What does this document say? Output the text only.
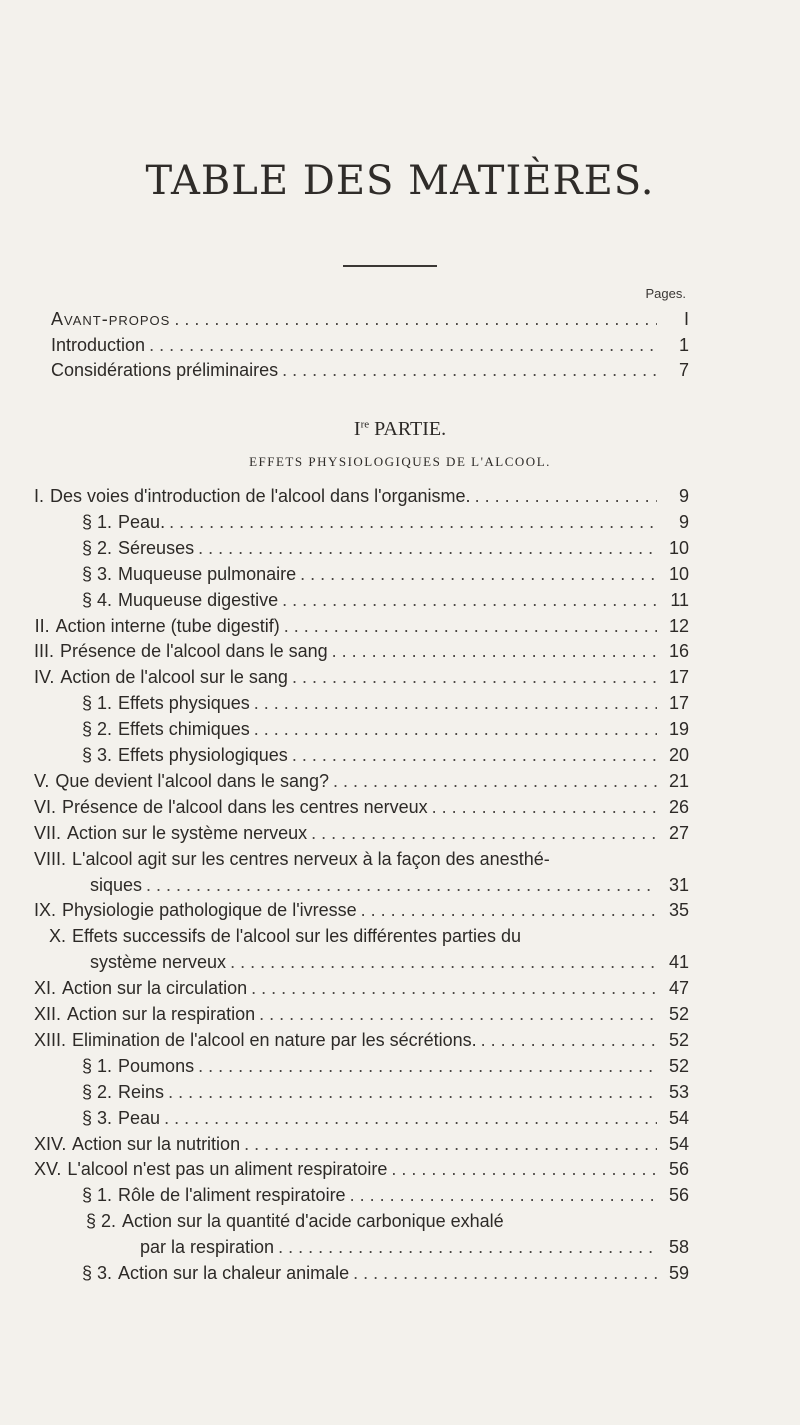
TABLE DES MATIÈRES.
Pages.
Avant-propos . . .	I
Introduction . . .	1
Considérations préliminaires . . .	7
Ire PARTIE.
EFFETS PHYSIOLOGIQUES DE L'ALCOOL.
I. Des voies d'introduction de l'alcool dans l'organisme. . . .	9
§ 1. Peau. . . .	9
§ 2. Séreuses . . .	10
§ 3. Muqueuse pulmonaire . . .	10
§ 4. Muqueuse digestive . . .	11
II. Action interne (tube digestif) . . .	12
III. Présence de l'alcool dans le sang . . .	16
IV. Action de l'alcool sur le sang . . .	17
§ 1. Effets physiques . . .	17
§ 2. Effets chimiques . . .	19
§ 3. Effets physiologiques . . .	20
V. Que devient l'alcool dans le sang? . . .	21
VI. Présence de l'alcool dans les centres nerveux . . .	26
VII. Action sur le système nerveux . . .	27
VIII. L'alcool agit sur les centres nerveux à la façon des anesthé-
siques . . .	31
IX. Physiologie pathologique de l'ivresse . . .	35
X. Effets successifs de l'alcool sur les différentes parties du
système nerveux . . .	41
XI. Action sur la circulation . . .	47
XII. Action sur la respiration . . .	52
XIII. Elimination de l'alcool en nature par les sécrétions. . . .	52
§ 1. Poumons . . .	52
§ 2. Reins . . .	53
§ 3. Peau . . .	54
XIV. Action sur la nutrition . . .	54
XV. L'alcool n'est pas un aliment respiratoire . . .	56
§ 1. Rôle de l'aliment respiratoire . . .	56
§ 2. Action sur la quantité d'acide carbonique exhalé
par la respiration . . .	58
§ 3. Action sur la chaleur animale . . .	59
